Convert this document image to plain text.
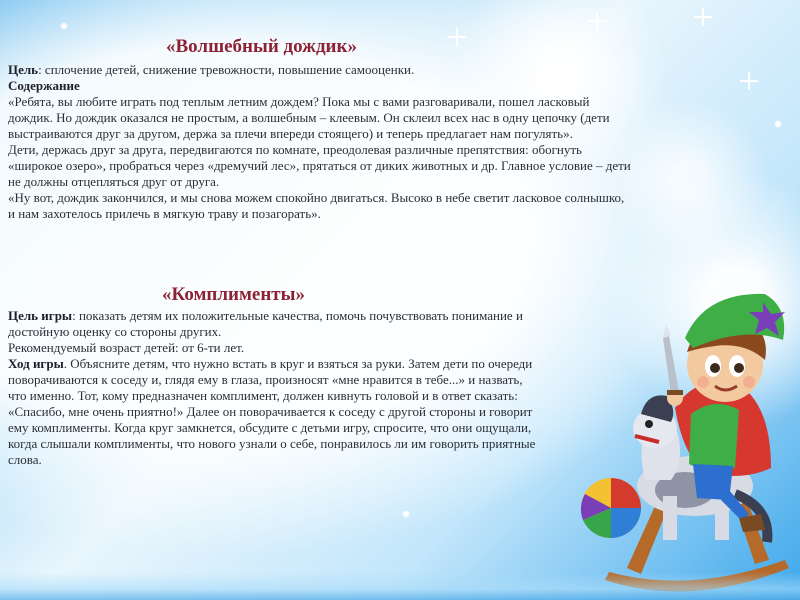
«Волшебный дождик»
Цель: сплочение детей, снижение тревожности, повышение самооценки.
Содержание
«Ребята, вы любите играть под теплым летним дождем? Пока мы с вами разговаривали, пошел ласковый
дождик. Но дождик оказался не простым, а волшебным – клеевым. Он склеил всех нас в одну цепочку (дети
выстраиваются друг за другом, держа за плечи впереди стоящего) и теперь предлагает нам погулять».
Дети, держась друг за друга, передвигаются по комнате, преодолевая различные препятствия: обогнуть
«широкое озеро», пробраться через «дремучий лес», прятаться от диких животных и др. Главное условие – дети
не должны отцепляться друг от друга.
«Ну вот, дождик закончился, и мы снова можем спокойно двигаться. Высоко в небе светит ласковое солнышко,
и нам захотелось прилечь в мягкую траву и позагорать».
«Комплименты»
Цель игры: показать детям их положительные качества, помочь почувствовать понимание и
достойную оценку со стороны других.
Рекомендуемый возраст детей: от 6-ти лет.
Ход игры. Объясните детям, что нужно встать в круг и взяться за руки. Затем дети по очереди
поворачиваются к соседу и, глядя ему в глаза, произносят «мне нравится в тебе...» и назвать,
что именно. Тот, кому предназначен комплимент, должен кивнуть головой и в ответ сказать:
«Спасибо, мне очень приятно!» Далее он поворачивается к соседу с другой стороны и говорит
ему комплименты. Когда круг замкнется, обсудите с детьми игру, спросите, что они ощущали,
когда слышали комплименты, что нового узнали о себе, понравилось ли им говорить приятные
слова.
